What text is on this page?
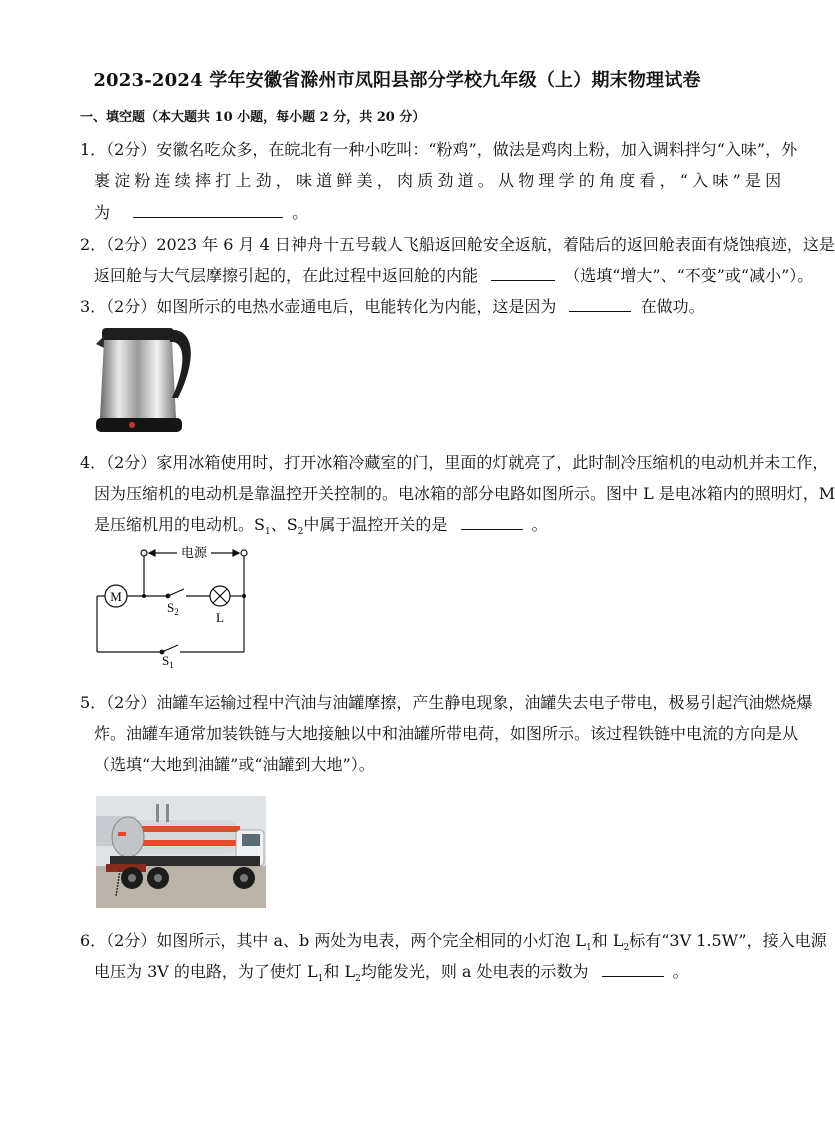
2023-2024 学年安徽省滁州市凤阳县部分学校九年级（上）期末物理试卷
一、填空题（本大题共 10 小题，每小题 2 分，共 20 分）
1．（2分）安徽名吃众多，在皖北有一种小吃叫：“粉鸡”，做法是鸡肉上粉，加入调料拌匀“入味”，外
裹淀粉连续摔打上劲，味道鲜美，肉质劲道。从物理学的角度看，“入味”是因
为	。
2．（2分）2023 年 6 月 4 日神舟十五号载人飞船返回舱安全返航，着陆后的返回舱表面有烧蚀痕迹，这是
返回舱与大气层摩擦引起的，在此过程中返回舱的内能	（选填“增大”、“不变”或“减小”）。
3．（2分）如图所示的电热水壶通电后，电能转化为内能，这是因为	在做功。
4．（2分）家用冰箱使用时，打开冰箱冷藏室的门，里面的灯就亮了，此时制冷压缩机的电动机并未工作，
因为压缩机的电动机是靠温控开关控制的。电冰箱的部分电路如图所示。图中 L 是电冰箱内的照明灯，M
是压缩机用的电动机。$S_1$、$S_2$中属于温控开关的是	。
电源
M
$S_2$	L
$S_1$
5．（2分）油罐车运输过程中汽油与油罐摩擦，产生静电现象，油罐失去电子带电，极易引起汽油燃烧爆
炸。油罐车通常加装铁链与大地接触以中和油罐所带电荷，如图所示。该过程铁链中电流的方向是从
（选填“大地到油罐”或“油罐到大地”）。
6．（2分）如图所示，其中 a、b 两处为电表，两个完全相同的小灯泡 $L_1$和 $L_2$标有“3V 1.5W”，接入电源
电压为 3V 的电路，为了使灯 $L_1$和 $L_2$均能发光，则 a 处电表的示数为	。
